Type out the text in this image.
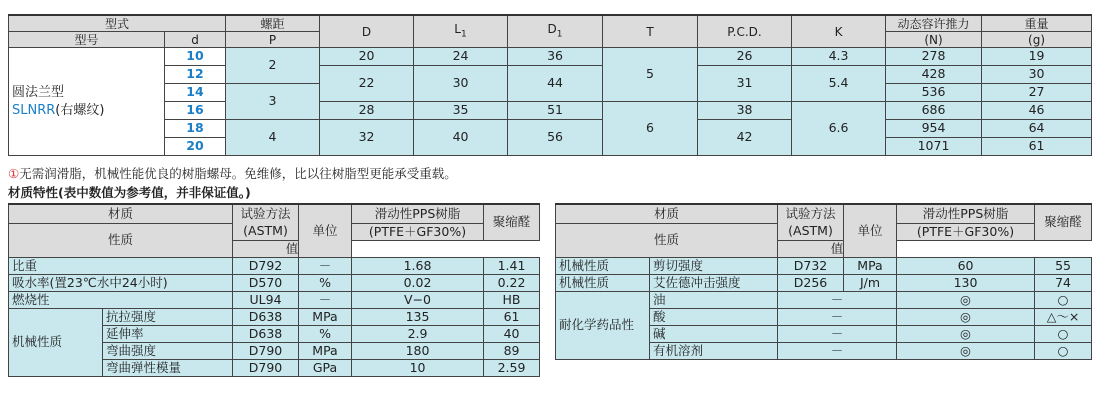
型式		螺距	D	$L_1$	$D_1$	T	P.C.D.	K	动态容许推力	重量
型号	d	P							(N)	(g)

圆法兰型
SLNRR(右螺纹)	10	2	20	24	36	5	26	4.3	278	19
	12		22	30	44		31	5.4	428	30
	14	3							536	27
	16		28	35	51	6	38	6.6	686	46
	18	4	32	40	56		42		954	64
	20								1071	61
①无需润滑脂，机械性能优良的树脂螺母。免维修，比以往树脂型更能承受重载。
材质特性(表中数值为参考值，并非保证值。)
材质		试验方法
(ASTM)	单位	滑动性PPS树脂	聚缩醛
性质				(PTFE＋GF30%)	
		值			
比重		D792	－	1.68	1.41
吸水率(置23℃水中24小时)		D570	%	0.02	0.22
燃烧性		UL94	－	V−0	HB
机械性质	抗拉强度	D638	MPa	135	61
	延伸率	D638	%	2.9	40
	弯曲强度	D790	MPa	180	89
	弯曲弹性模量	D790	GPa	10	2.59
材质		试验方法
(ASTM)	单位	滑动性PPS树脂	聚缩醛
性质				(PTFE＋GF30%)	
		值			
机械性质	剪切强度	D732	MPa	60	55
机械性质	艾佐德冲击强度	D256	J/m	130	74
耐化学药品性	油	－		◎	○
	酸	－		◎	△～×
	碱	－		◎	○
	有机溶剂	－		◎	○
